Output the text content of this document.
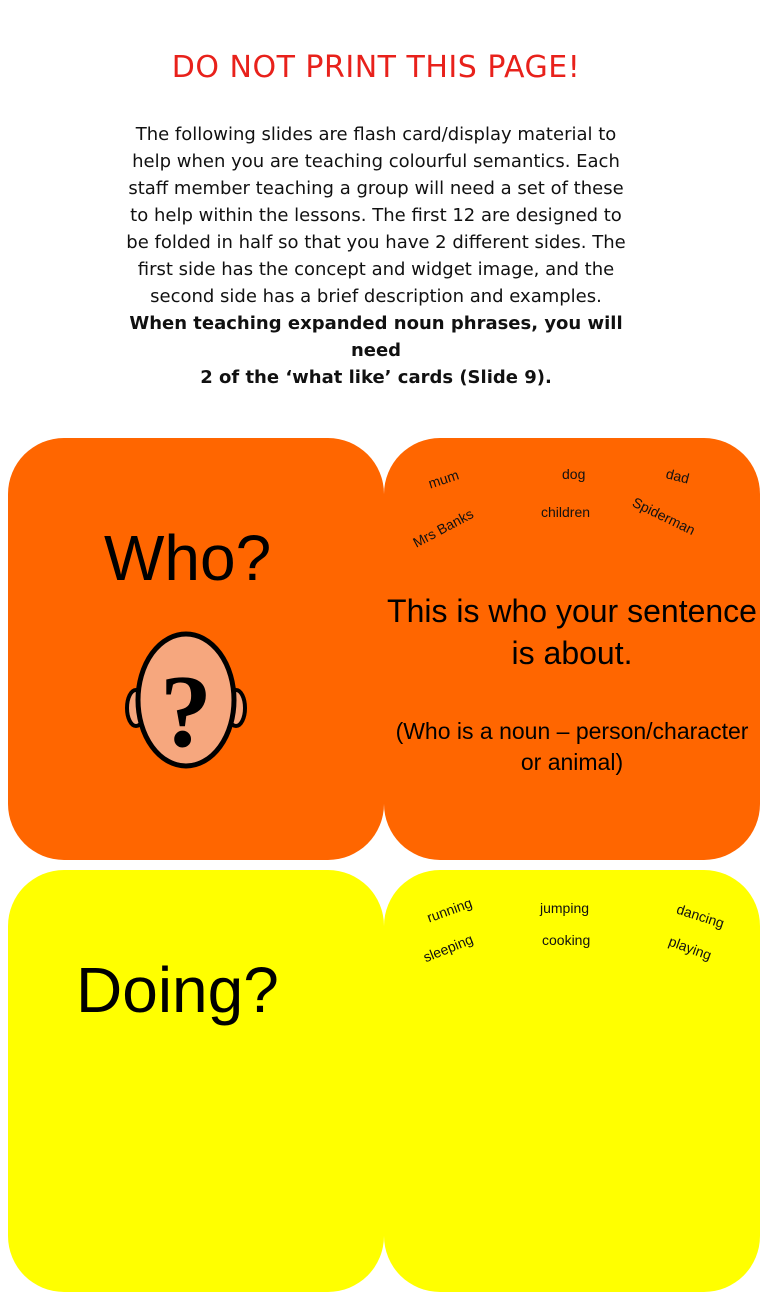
DO NOT PRINT THIS PAGE!

The following slides are flash card/display material to

help when you are teaching colourful semantics. Each

staff member teaching a group will need a set of these

to help within the lessons. The first 12 are designed to

be folded in half so that you have 2 different sides. The

first side has the concept and widget image, and the

second side has a brief description and examples.

When teaching expanded noun phrases, you will need

2 of the ‘what like’ cards (Slide 9).

Who?
?
mum	dog	dad
Mrs Banks	children	Spiderman
This is who your sentence is about.
(Who is a noun – person/character or animal)
Doing?
running	jumping	dancing
sleeping	cooking	playing
